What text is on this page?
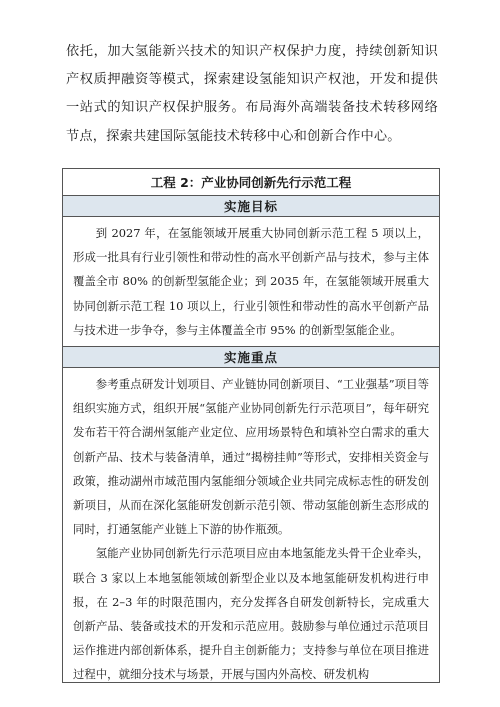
依托，加大氢能新兴技术的知识产权保护力度，持续创新知识产权质押融资等模式，探索建设氢能知识产权池，开发和提供一站式的知识产权保护服务。布局海外高端装备技术转移网络节点，探索共建国际氢能技术转移中心和创新合作中心。

工程 2：产业协同创新先行示范工程
实施目标

到 2027 年，在氢能领域开展重大协同创新示范工程 5 项以上，形成一批具有行业引领性和带动性的高水平创新产品与技术，参与主体覆盖全市 80% 的创新型氢能企业；到 2035 年，在氢能领域开展重大协同创新示范工程 10 项以上，行业引领性和带动性的高水平创新产品与技术进一步争夺，参与主体覆盖全市 95% 的创新型氢能企业。

实施重点

参考重点研发计划项目、产业链协同创新项目、“工业强基”项目等组织实施方式，组织开展“氢能产业协同创新先行示范项目”，每年研究发布若干符合湖州氢能产业定位、应用场景特色和填补空白需求的重大创新产品、技术与装备清单，通过“揭榜挂帅”等形式，安排相关资金与政策，推动湖州市域范围内氢能细分领域企业共同完成标志性的研发创新项目，从而在深化氢能研发创新示范引领、带动氢能创新生态形成的同时，打通氢能产业链上下游的协作瓶颈。

氢能产业协同创新先行示范项目应由本地氢能龙头骨干企业牵头，联合 3 家以上本地氢能领域创新型企业以及本地氢能研发机构进行申报，在 2–3 年的时限范围内，充分发挥各自研发创新特长，完成重大创新产品、装备或技术的开发和示范应用。鼓励参与单位通过示范项目运作推进内部创新体系，提升自主创新能力；支持参与单位在项目推进过程中，就细分技术与场景，开展与国内外高校、研发机构
